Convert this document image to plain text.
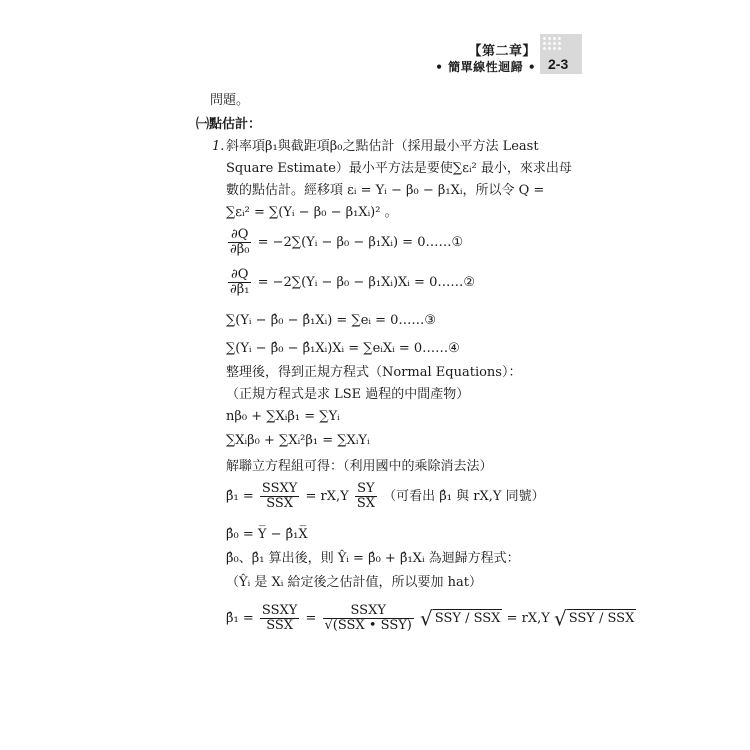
【第二章】
• 簡單線性迴歸 • 2-3
問題。
㈠點估計：
1. 斜率項β₁與截距項β₀之點估計（採用最小平方法 Least
Square Estimate）最小平方法是要使∑εᵢ² 最小，來求出母
數的點估計。經移項 εᵢ = Yᵢ − β₀ − β₁Xᵢ，所以令 Q =
∑εᵢ² = ∑(Yᵢ − β₀ − β₁Xᵢ)² 。
$\frac{\partial Q}{\text{∂β₀}}$ = −2∑(Yᵢ − β₀ − β₁Xᵢ) = 0……①
$\frac{\partial Q}{\text{∂β₁}}$ = −2∑(Yᵢ − β₀ − β₁Xᵢ)Xᵢ = 0……②
∑(Yᵢ − β̂₀ − β̂₁Xᵢ) = ∑eᵢ = 0……③
∑(Yᵢ − β̂₀ − β̂₁Xᵢ)Xᵢ = ∑eᵢXᵢ = 0……④
整理後，得到正規方程式（Normal Equations）：
（正規方程式是求 LSE 過程的中間產物）
nβ₀ + ∑Xᵢβ₁ = ∑Yᵢ
∑Xᵢβ₀ + ∑Xᵢ²β₁ = ∑XᵢYᵢ
解聯立方程組可得：（利用國中的乘除消去法）
β̂₁ = $\frac{\text{SSXY}}{\text{SSX}} = rX,Y \frac{SY}{SX}$ （可看出 β̂₁ 與 rX,Y 同號）
β̂₀ = Y̅ − β̂₁X̅
β̂₀、β̂₁ 算出後，則 Ŷᵢ = β̂₀ + β̂₁Xᵢ 為迴歸方程式：
（Ŷᵢ 是 Xᵢ 給定後之估計值，所以要加 hat）
β̂₁ = $\frac{\text{SSXY}}{\text{SSX}} = \frac{\text{SSXY}}{\text{√(SSX • SSY)}}$ √ SSY / SSX = rX,Y √ SSY / SSX
